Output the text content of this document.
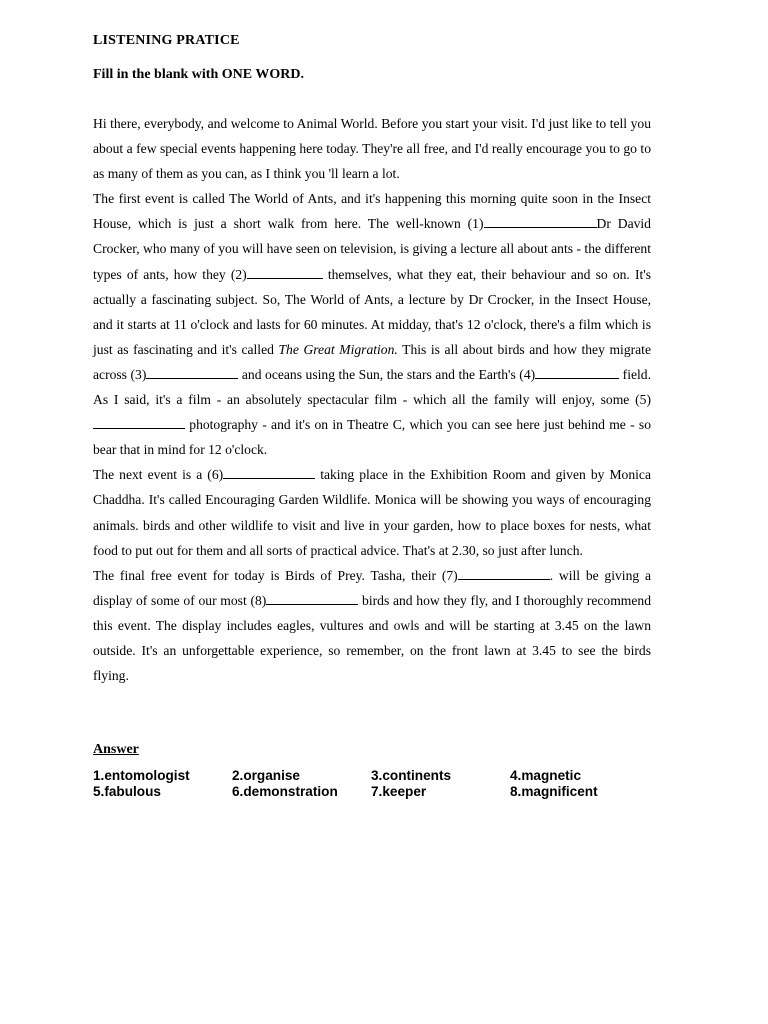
LISTENING PRATICE
Fill in the blank with ONE WORD.

Hi there, everybody, and welcome to Animal World. Before you start your visit. I'd just like to tell you about a few special events happening here today. They're all free, and I'd really encourage you to go to as many of them as you can, as I think you 'll learn a lot.

The first event is called The World of Ants, and it's happening this morning quite soon in the Insect House, which is just a short walk from here. The well-known (1)	Dr David Crocker, who many of you will have seen on television, is giving a lecture all about ants - the different types of ants, how they (2)	themselves, what they eat, their behaviour and so on. It's actually a fascinating subject. So, The World of Ants, a lecture by Dr Crocker, in the Insect House, and it starts at 11 o'clock and lasts for 60 minutes. At midday, that's 12 o'clock, there's a film which is just as fascinating and it's called The Great Migration. This is all about birds and how they migrate across (3)	and oceans using the Sun, the stars and the Earth's (4)	field. As I said, it's a film - an absolutely spectacular film - which all the family will enjoy, some (5) photography - and it's on in Theatre C, which you can see here just behind me - so bear that in mind for 12 o'clock.

The next event is a (6)	taking place in the Exhibition Room and given by Monica Chaddha. It's called Encouraging Garden Wildlife. Monica will be showing you ways of encouraging animals. birds and other wildlife to visit and live in your garden, how to place boxes for nests, what food to put out for them and all sorts of practical advice. That's at 2.30, so just after lunch.

The final free event for today is Birds of Prey. Tasha, their (7)	. will be giving a display of some of our most (8)	birds and how they fly, and I thoroughly recommend this event. The display includes eagles, vultures and owls and will be starting at 3.45 on the lawn outside. It's an unforgettable experience, so remember, on the front lawn at 3.45 to see the birds flying.

Answer
1.entomologist	2.organise	3.continents	4.magnetic
5.fabulous	6.demonstration	7.keeper	8.magnificent
